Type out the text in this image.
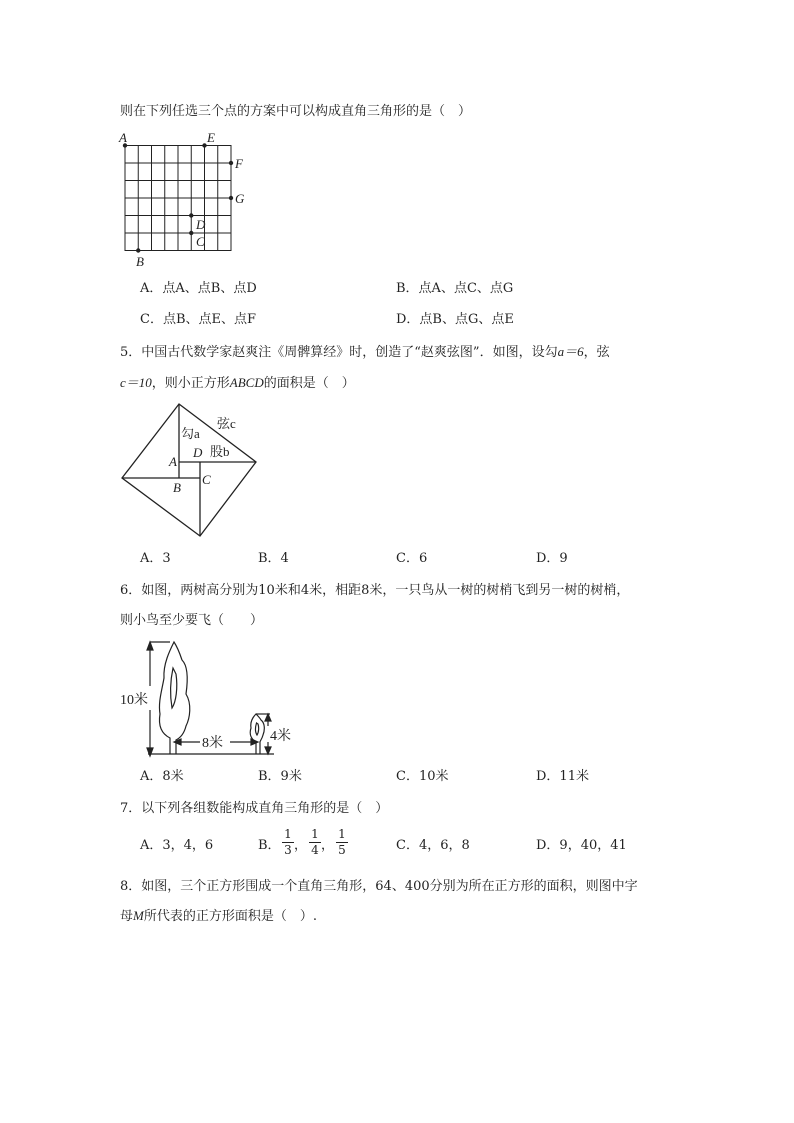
则在下列任选三个点的方案中可以构成直角三角形的是（　）
A	E
F
G
D
C
B
A．点A、点B、点D	B．点A、点C、点G
C．点B、点E、点F	D．点B、点G、点E
5．中国古代数学家赵爽注《周髀算经》时，创造了“赵爽弦图”．如图，设勾a＝6，弦
c＝10，则小正方形ABCD的面积是（　）
弦c
勾a
股b
D
A
B
C
A．3	B．4	C．6	D．9
6．如图，两树高分别为10米和4米，相距8米，一只鸟从一树的树梢飞到另一树的树梢，
则小鸟至少要飞（　　）
10米
8米	4米
A．8米	B．9米	C．10米	D．11米
7．以下列各组数能构成直角三角形的是（　）
A．3，4，6	B．
1
3 ，
1
4 ，
1
5	C．4，6，8	D．9，40，41
8．如图，三个正方形围成一个直角三角形，64、400分别为所在正方形的面积，则图中字
母M所代表的正方形面积是（　）.
